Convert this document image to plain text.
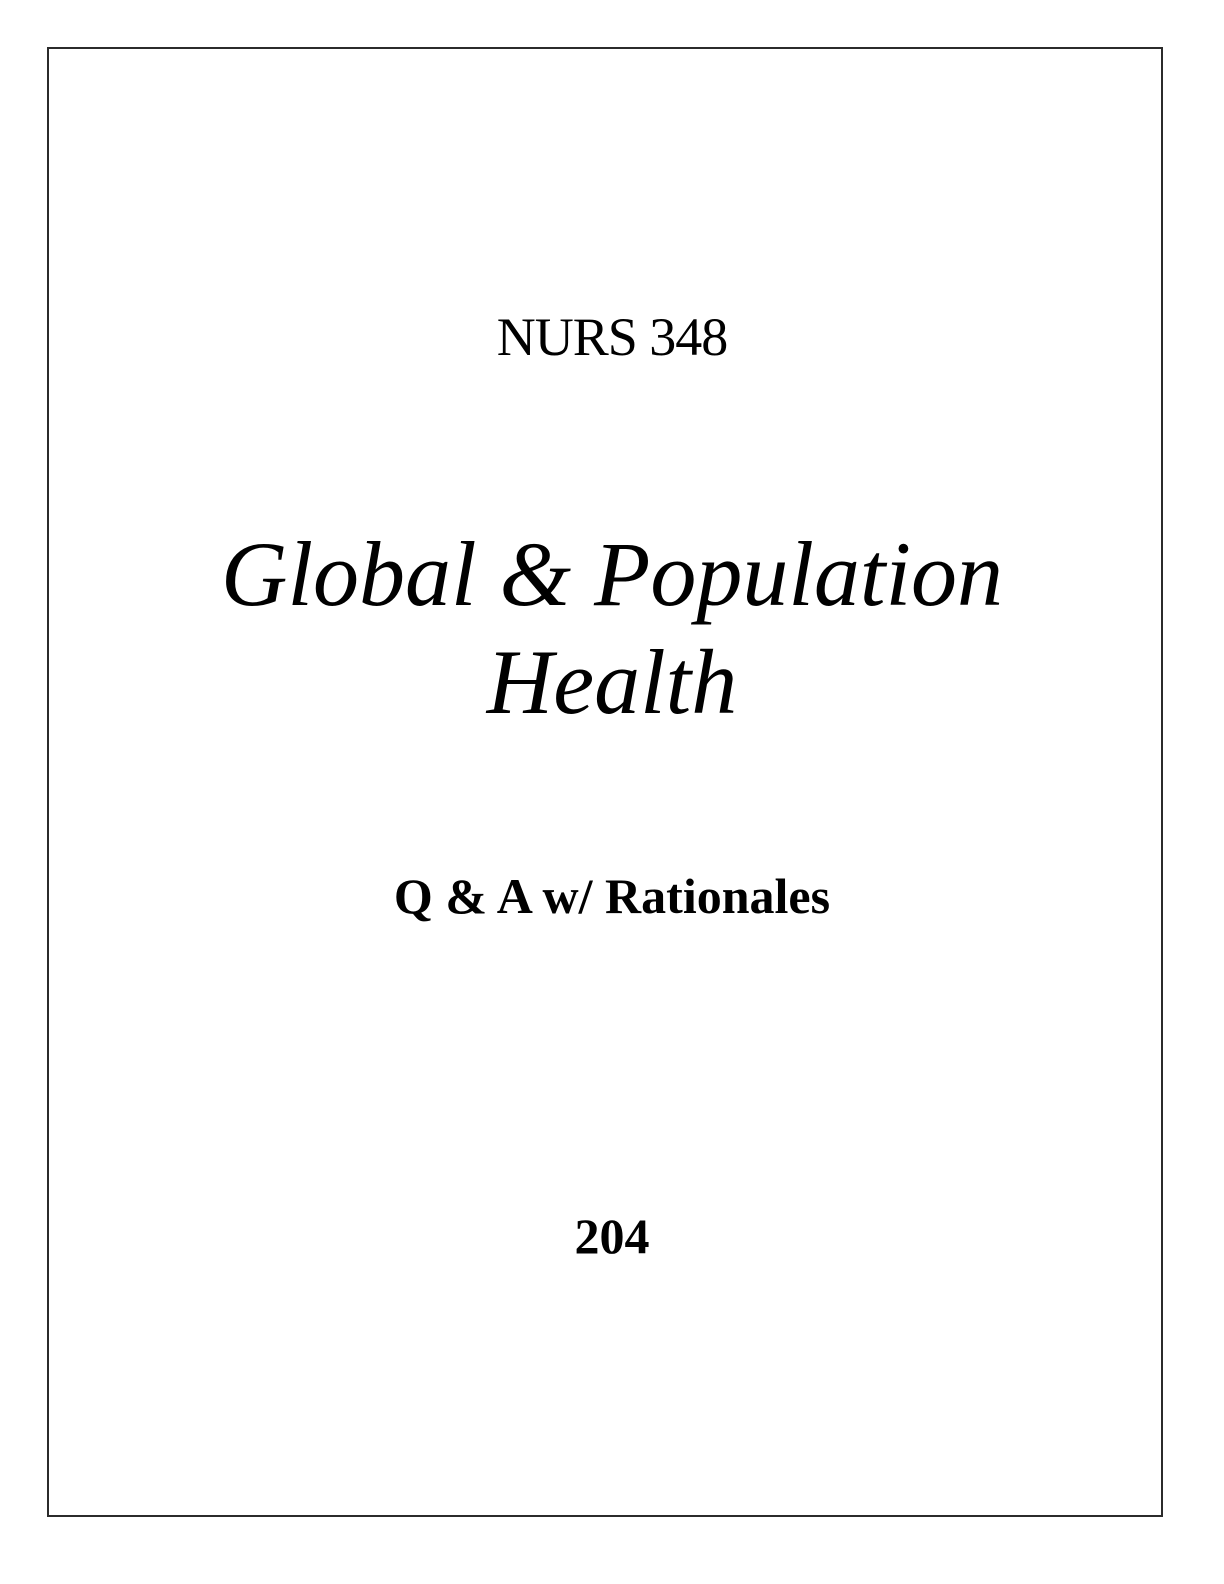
NURS 348
Global & Population
Health
Q & A w/ Rationales
204
